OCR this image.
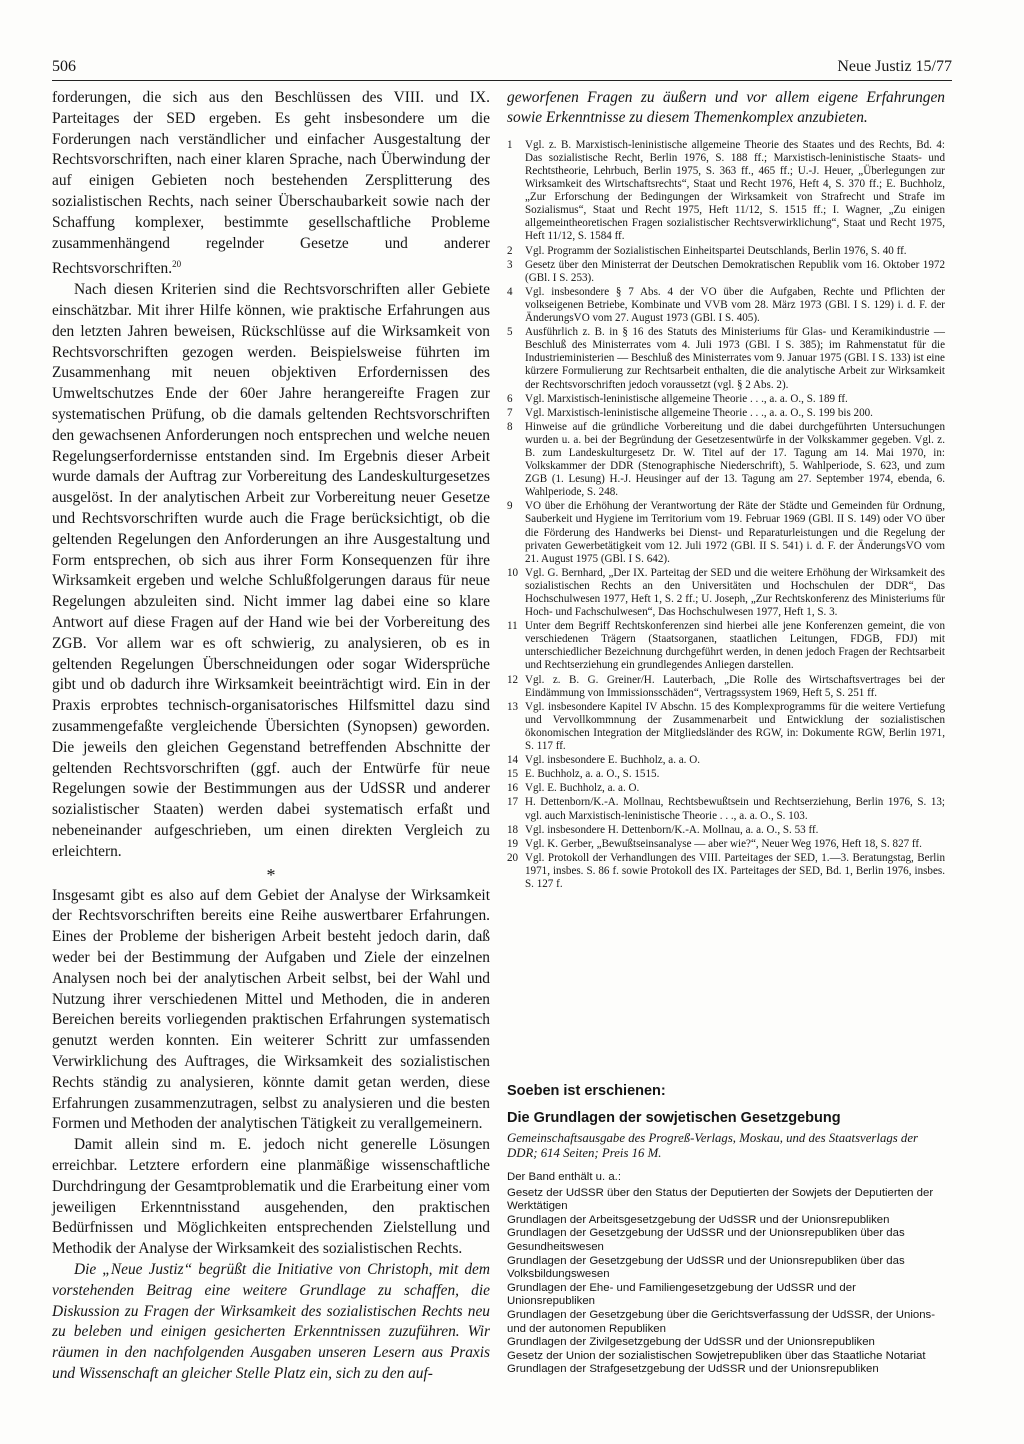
506	Neue Justiz 15/77

forderungen, die sich aus den Beschlüssen des VIII. und IX. Parteitages der SED ergeben. Es geht insbesondere um die Forderungen nach verständlicher und einfacher Ausgestaltung der Rechtsvorschriften, nach einer klaren Sprache, nach Überwindung der auf einigen Gebieten noch bestehenden Zersplitterung des sozialistischen Rechts, nach seiner Überschaubarkeit sowie nach der Schaffung komplexer, bestimmte gesellschaftliche Probleme zusammenhängend regelnder Gesetze und anderer Rechtsvorschriften.$^{20}$

Nach diesen Kriterien sind die Rechtsvorschriften aller Gebiete einschätzbar. Mit ihrer Hilfe können, wie praktische Erfahrungen aus den letzten Jahren beweisen, Rückschlüsse auf die Wirksamkeit von Rechtsvorschriften gezogen werden. Beispielsweise führten im Zusammenhang mit neuen objektiven Erfordernissen des Umweltschutzes Ende der 60er Jahre herangereifte Fragen zur systematischen Prüfung, ob die damals geltenden Rechtsvorschriften den gewachsenen Anforderungen noch entsprechen und welche neuen Regelungserfordernisse entstanden sind. Im Ergebnis dieser Arbeit wurde damals der Auftrag zur Vorbereitung des Landeskulturgesetzes ausgelöst. In der analytischen Arbeit zur Vorbereitung neuer Gesetze und Rechtsvorschriften wurde auch die Frage berücksichtigt, ob die geltenden Regelungen den Anforderungen an ihre Ausgestaltung und Form entsprechen, ob sich aus ihrer Form Konsequenzen für ihre Wirksamkeit ergeben und welche Schlußfolgerungen daraus für neue Regelungen abzuleiten sind. Nicht immer lag dabei eine so klare Antwort auf diese Fragen auf der Hand wie bei der Vorbereitung des ZGB. Vor allem war es oft schwierig, zu analysieren, ob es in geltenden Regelungen Überschneidungen oder sogar Widersprüche gibt und ob dadurch ihre Wirksamkeit beeinträchtigt wird. Ein in der Praxis erprobtes technisch-organisatorisches Hilfsmittel dazu sind zusammengefaßte vergleichende Übersichten (Synopsen) geworden. Die jeweils den gleichen Gegenstand betreffenden Abschnitte der geltenden Rechtsvorschriften (ggf. auch der Entwürfe für neue Regelungen sowie der Bestimmungen aus der UdSSR und anderer sozialistischer Staaten) werden dabei systematisch erfaßt und nebeneinander aufgeschrieben, um einen direkten Vergleich zu erleichtern.

*

Insgesamt gibt es also auf dem Gebiet der Analyse der Wirksamkeit der Rechtsvorschriften bereits eine Reihe auswertbarer Erfahrungen. Eines der Probleme der bisherigen Arbeit besteht jedoch darin, daß weder bei der Bestimmung der Aufgaben und Ziele der einzelnen Analysen noch bei der analytischen Arbeit selbst, bei der Wahl und Nutzung ihrer verschiedenen Mittel und Methoden, die in anderen Bereichen bereits vorliegenden praktischen Erfahrungen systematisch genutzt werden konnten. Ein weiterer Schritt zur umfassenden Verwirklichung des Auftrages, die Wirksamkeit des sozialistischen Rechts ständig zu analysieren, könnte damit getan werden, diese Erfahrungen zusammenzutragen, selbst zu analysieren und die besten Formen und Methoden der analytischen Tätigkeit zu verallgemeinern.

Damit allein sind m. E. jedoch nicht generelle Lösungen erreichbar. Letztere erfordern eine planmäßige wissenschaftliche Durchdringung der Gesamtproblematik und die Erarbeitung einer vom jeweiligen Erkenntnisstand ausgehenden, den praktischen Bedürfnissen und Möglichkeiten entsprechenden Zielstellung und Methodik der Analyse der Wirksamkeit des sozialistischen Rechts.

Die „Neue Justiz“ begrüßt die Initiative von Christoph, mit dem vorstehenden Beitrag eine weitere Grundlage zu schaffen, die Diskussion zu Fragen der Wirksamkeit des sozialistischen Rechts neu zu beleben und einigen gesicherten Erkenntnissen zuzuführen. Wir räumen in den nachfolgenden Ausgaben unseren Lesern aus Praxis und Wissenschaft an gleicher Stelle Platz ein, sich zu den auf-

geworfenen Fragen zu äußern und vor allem eigene Erfahrungen sowie Erkenntnisse zu diesem Themenkomplex anzubieten.

1	Vgl. z. B. Marxistisch-leninistische allgemeine Theorie des Staates und des Rechts, Bd. 4: Das sozialistische Recht, Berlin 1976, S. 188 ff.; Marxistisch-leninistische Staats- und Rechtstheorie, Lehrbuch, Berlin 1975, S. 363 ff., 465 ff.; U.-J. Heuer, „Überlegungen zur Wirksamkeit des Wirtschaftsrechts“, Staat und Recht 1976, Heft 4, S. 370 ff.; E. Buchholz, „Zur Erforschung der Bedingungen der Wirksamkeit von Strafrecht und Strafe im Sozialismus“, Staat und Recht 1975, Heft 11/12, S. 1515 ff.; I. Wagner, „Zu einigen allgemeintheoretischen Fragen sozialistischer Rechtsverwirklichung“, Staat und Recht 1975, Heft 11/12, S. 1584 ff.
2	Vgl. Programm der Sozialistischen Einheitspartei Deutschlands, Berlin 1976, S. 40 ff.
3	Gesetz über den Ministerrat der Deutschen Demokratischen Republik vom 16. Oktober 1972 (GBl. I S. 253).
4	Vgl. insbesondere § 7 Abs. 4 der VO über die Aufgaben, Rechte und Pflichten der volkseigenen Betriebe, Kombinate und VVB vom 28. März 1973 (GBl. I S. 129) i. d. F. der ÄnderungsVO vom 27. August 1973 (GBl. I S. 405).
5	Ausführlich z. B. in § 16 des Statuts des Ministeriums für Glas- und Keramikindustrie — Beschluß des Ministerrates vom 4. Juli 1973 (GBl. I S. 385); im Rahmenstatut für die Industrieministerien — Beschluß des Ministerrates vom 9. Januar 1975 (GBl. I S. 133) ist eine kürzere Formulierung zur Rechtsarbeit enthalten, die die analytische Arbeit zur Wirksamkeit der Rechtsvorschriften jedoch voraussetzt (vgl. § 2 Abs. 2).
6	Vgl. Marxistisch-leninistische allgemeine Theorie . . ., a. a. O., S. 189 ff.
7	Vgl. Marxistisch-leninistische allgemeine Theorie . . ., a. a. O., S. 199 bis 200.
8	Hinweise auf die gründliche Vorbereitung und die dabei durchgeführten Untersuchungen wurden u. a. bei der Begründung der Gesetzesentwürfe in der Volkskammer gegeben. Vgl. z. B. zum Landeskulturgesetz Dr. W. Titel auf der 17. Tagung am 14. Mai 1970, in: Volkskammer der DDR (Stenographische Niederschrift), 5. Wahlperiode, S. 623, und zum ZGB (1. Lesung) H.-J. Heusinger auf der 13. Tagung am 27. September 1974, ebenda, 6. Wahlperiode, S. 248.
9	VO über die Erhöhung der Verantwortung der Räte der Städte und Gemeinden für Ordnung, Sauberkeit und Hygiene im Territorium vom 19. Februar 1969 (GBl. II S. 149) oder VO über die Förderung des Handwerks bei Dienst- und Reparaturleistungen und die Regelung der privaten Gewerbetätigkeit vom 12. Juli 1972 (GBl. II S. 541) i. d. F. der ÄnderungsVO vom 21. August 1975 (GBl. I S. 642).
10 Vgl. G. Bernhard, „Der IX. Parteitag der SED und die weitere Erhöhung der Wirksamkeit des sozialistischen Rechts an den Universitäten und Hochschulen der DDR“, Das Hochschulwesen 1977, Heft 1, S. 2 ff.; U. Joseph, „Zur Rechtskonferenz des Ministeriums für Hoch- und Fachschulwesen“, Das Hochschulwesen 1977, Heft 1, S. 3.
11 Unter dem Begriff Rechtskonferenzen sind hierbei alle jene Konferenzen gemeint, die von verschiedenen Trägern (Staatsorganen, staatlichen Leitungen, FDGB, FDJ) mit unterschiedlicher Bezeichnung durchgeführt werden, in denen jedoch Fragen der Rechtsarbeit und Rechtserziehung ein grundlegendes Anliegen darstellen.
12 Vgl. z. B. G. Greiner/H. Lauterbach, „Die Rolle des Wirtschaftsvertrages bei der Eindämmung von Immissionsschäden“, Vertragssystem 1969, Heft 5, S. 251 ff.
13 Vgl. insbesondere Kapitel IV Abschn. 15 des Komplexprogramms für die weitere Vertiefung und Vervollkommnung der Zusammenarbeit und Entwicklung der sozialistischen ökonomischen Integration der Mitgliedsländer des RGW, in: Dokumente RGW, Berlin 1971, S. 117 ff.
14 Vgl. insbesondere E. Buchholz, a. a. O.
15 E. Buchholz, a. a. O., S. 1515.
16 Vgl. E. Buchholz, a. a. O.
17 H. Dettenborn/K.-A. Mollnau, Rechtsbewußtsein und Rechtserziehung, Berlin 1976, S. 13; vgl. auch Marxistisch-leninistische Theorie . . ., a. a. O., S. 103.
18 Vgl. insbesondere H. Dettenborn/K.-A. Mollnau, a. a. O., S. 53 ff.
19 Vgl. K. Gerber, „Bewußtseinsanalyse — aber wie?“, Neuer Weg 1976, Heft 18, S. 827 ff.
20 Vgl. Protokoll der Verhandlungen des VIII. Parteitages der SED, 1.—3. Beratungstag, Berlin 1971, insbes. S. 86 f. sowie Protokoll des IX. Parteitages der SED, Bd. 1, Berlin 1976, insbes. S. 127 f.
Soeben ist erschienen:
Die Grundlagen der sowjetischen Gesetzgebung
Gemeinschaftsausgabe des Progreß-Verlags, Moskau, und des Staatsverlags der DDR; 614 Seiten; Preis 16 M.
Der Band enthält u. a.:
Gesetz der UdSSR über den Status der Deputierten der Sowjets der Deputierten der Werktätigen
Grundlagen der Arbeitsgesetzgebung der UdSSR und der Unionsrepubliken
Grundlagen der Gesetzgebung der UdSSR und der Unionsrepubliken über das Gesundheitswesen
Grundlagen der Gesetzgebung der UdSSR und der Unionsrepubliken über das Volksbildungswesen
Grundlagen der Ehe- und Familiengesetzgebung der UdSSR und der Unionsrepubliken
Grundlagen der Gesetzgebung über die Gerichtsverfassung der UdSSR, der Unions- und der autonomen Republiken
Grundlagen der Zivilgesetzgebung der UdSSR und der Unionsrepubliken
Gesetz der Union der sozialistischen Sowjetrepubliken über das Staatliche Notariat
Grundlagen der Strafgesetzgebung der UdSSR und der Unionsrepubliken
